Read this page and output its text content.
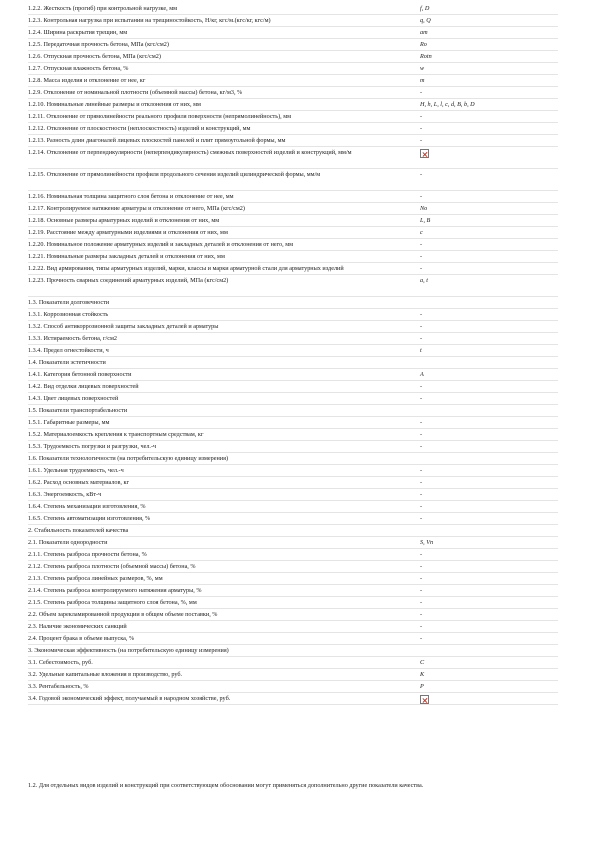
1.2.2. Жесткость (прогиб) при контрольной нагрузке, мм	f, D
1.2.3. Контрольная нагрузка при испытании на трещиностойкость, Н/кг, кгс/м.(кгс/кг, кгс/м)	q, Q
1.2.4. Ширина раскрытия трещин, мм	am
1.2.5. Передаточная прочность бетона, МПа (кгс/см2)	Ro
1.2.6. Отпускная прочность бетона, МПа (кгс/см2)	Rotn
1.2.7. Отпускная влажность бетона, %	w
1.2.8. Масса изделия и отклонение от нее, кг	m
1.2.9. Отклонение от номинальной плотности (объемной массы) бетона, кг/м3, %	-
1.2.10. Номинальные линейные размеры и отклонения от них, мм	H, h, L, l, c, d, B, b, D
1.2.11. Отклонение от прямолинейности реального профиля поверхности (непрямолинейность), мм	-
1.2.12. Отклонение от плоскостности (неплоскостность) изделий и конструкций, мм	-
1.2.13. Разность длин диагоналей лицевых плоскостей панелей и плит прямоугольной формы, мм	-
1.2.14. Отклонение от перпендикулярности (неперпендикулярность) смежных поверхностей изделий и конструкций, мм/м
1.2.15. Отклонение от прямолинейности профиля продольного сечения изделий цилиндрической формы, мм/м	-
1.2.16. Номинальная толщина защитного слоя бетона и отклонение от нее, мм	-
1.2.17. Контролируемое натяжение арматуры и отклонение от него, МПа (кгс/см2)	No
1.2.18. Основные размеры арматурных изделий и отклонения от них, мм	L, B
1.2.19. Расстояние между арматурными изделиями и отклонения от них, мм	c
1.2.20. Номинальное положение арматурных изделий и закладных деталей и отклонения от него, мм	-
1.2.21. Номинальные размеры закладных деталей и отклонения от них, мм	-
1.2.22. Вид армирования, типы арматурных изделий, марки, классы и марки арматурной стали для арматурных изделий	-
1.2.23. Прочность сварных соединений арматурных изделий, МПа (кгс/см2)	a, t
1.3. Показатели долговечности
1.3.1. Коррозионная стойкость	-
1.3.2. Способ антикоррозионной защиты закладных деталей и арматуры	-
1.3.3. Истираемость бетона, г/см2	-
1.3.4. Предел огнестойкости, ч	t
1.4. Показатели эстетичности
1.4.1. Категория бетонной поверхности	A
1.4.2. Вид отделки лицевых поверхностей	-
1.4.3. Цвет лицевых поверхностей	-
1.5. Показатели транспортабельности
1.5.1. Габаритные размеры, мм	-
1.5.2. Материалоемкость крепления к транспортным средствам, кг	-
1.5.3. Трудоемкость погрузки и разгрузки, чел.-ч	-
1.6. Показатели технологичности (на потребительскую единицу измерения)
1.6.1. Удельная трудоемкость, чел.-ч	-
1.6.2. Расход основных материалов, кг	-
1.6.3. Энергоемкость, кВт-ч	-
1.6.4. Степень механизации изготовления, %	-
1.6.5. Степень автоматизации изготовления, %	-
2. Стабильность показателей качества
2.1. Показатели однородности	S, Vn
2.1.1. Степень разброса прочности бетона, %	-
2.1.2. Степень разброса плотности (объемной массы) бетона, %	-
2.1.3. Степень разброса линейных размеров, %, мм	-
2.1.4. Степень разброса контролируемого натяжения арматуры, %	-
2.1.5. Степень разброса толщины защитного слоя бетона, %, мм	-
2.2. Объем зарекламированной продукции в общем объеме поставки, %	-
2.3. Наличие экономических санкций	-
2.4. Процент брака в объеме выпуска, %	-
3. Экономическая эффективность (на потребительскую единицу измерения)
3.1. Себестоимость, руб.	C
3.2. Удельные капитальные вложения в производство, руб.	K
3.3. Рентабельность, %	P
3.4. Годовой экономический эффект, получаемый в народном хозяйстве, руб.
1.2. Для отдельных видов изделий и конструкций при соответствующем обосновании могут применяться дополнительно другие показатели качества.
